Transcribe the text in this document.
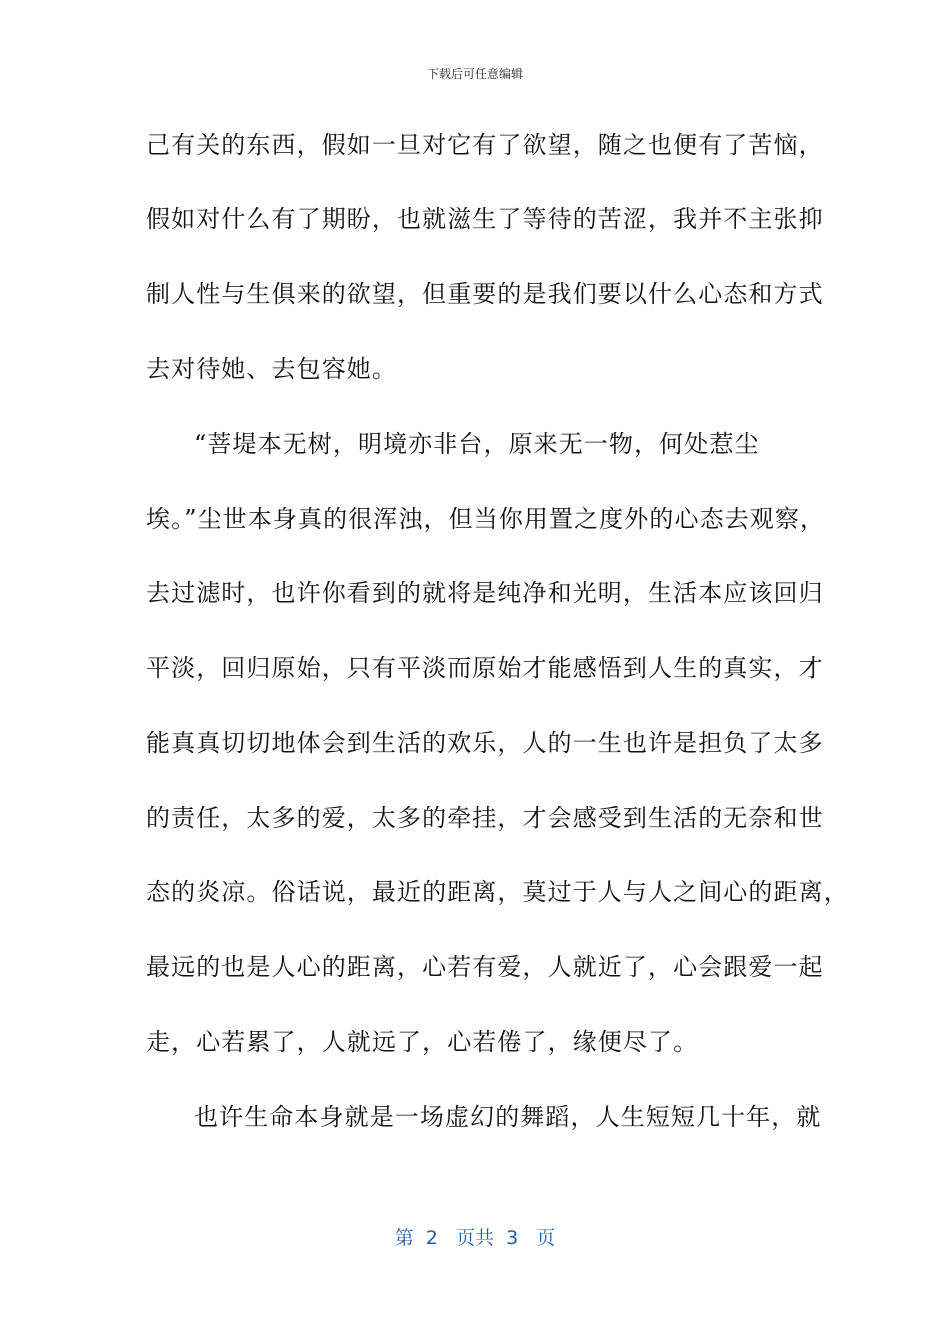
下载后可任意编辑
己有关的东西，假如一旦对它有了欲望，随之也便有了苦恼，
假如对什么有了期盼，也就滋生了等待的苦涩，我并不主张抑
制人性与生俱来的欲望，但重要的是我们要以什么心态和方式
去对待她、去包容她。
“菩堤本无树，明境亦非台，原来无一物，何处惹尘
埃。”尘世本身真的很浑浊，但当你用置之度外的心态去观察，
去过滤时，也许你看到的就将是纯净和光明，生活本应该回归
平淡，回归原始，只有平淡而原始才能感悟到人生的真实，才
能真真切切地体会到生活的欢乐，人的一生也许是担负了太多
的责任，太多的爱，太多的牵挂，才会感受到生活的无奈和世
态的炎凉。俗话说，最近的距离，莫过于人与人之间心的距离，
最远的也是人心的距离，心若有爱，人就近了，心会跟爱一起
走，心若累了，人就远了，心若倦了，缘便尽了。
也许生命本身就是一场虚幻的舞蹈，人生短短几十年，就
第  2   页共  3   页
